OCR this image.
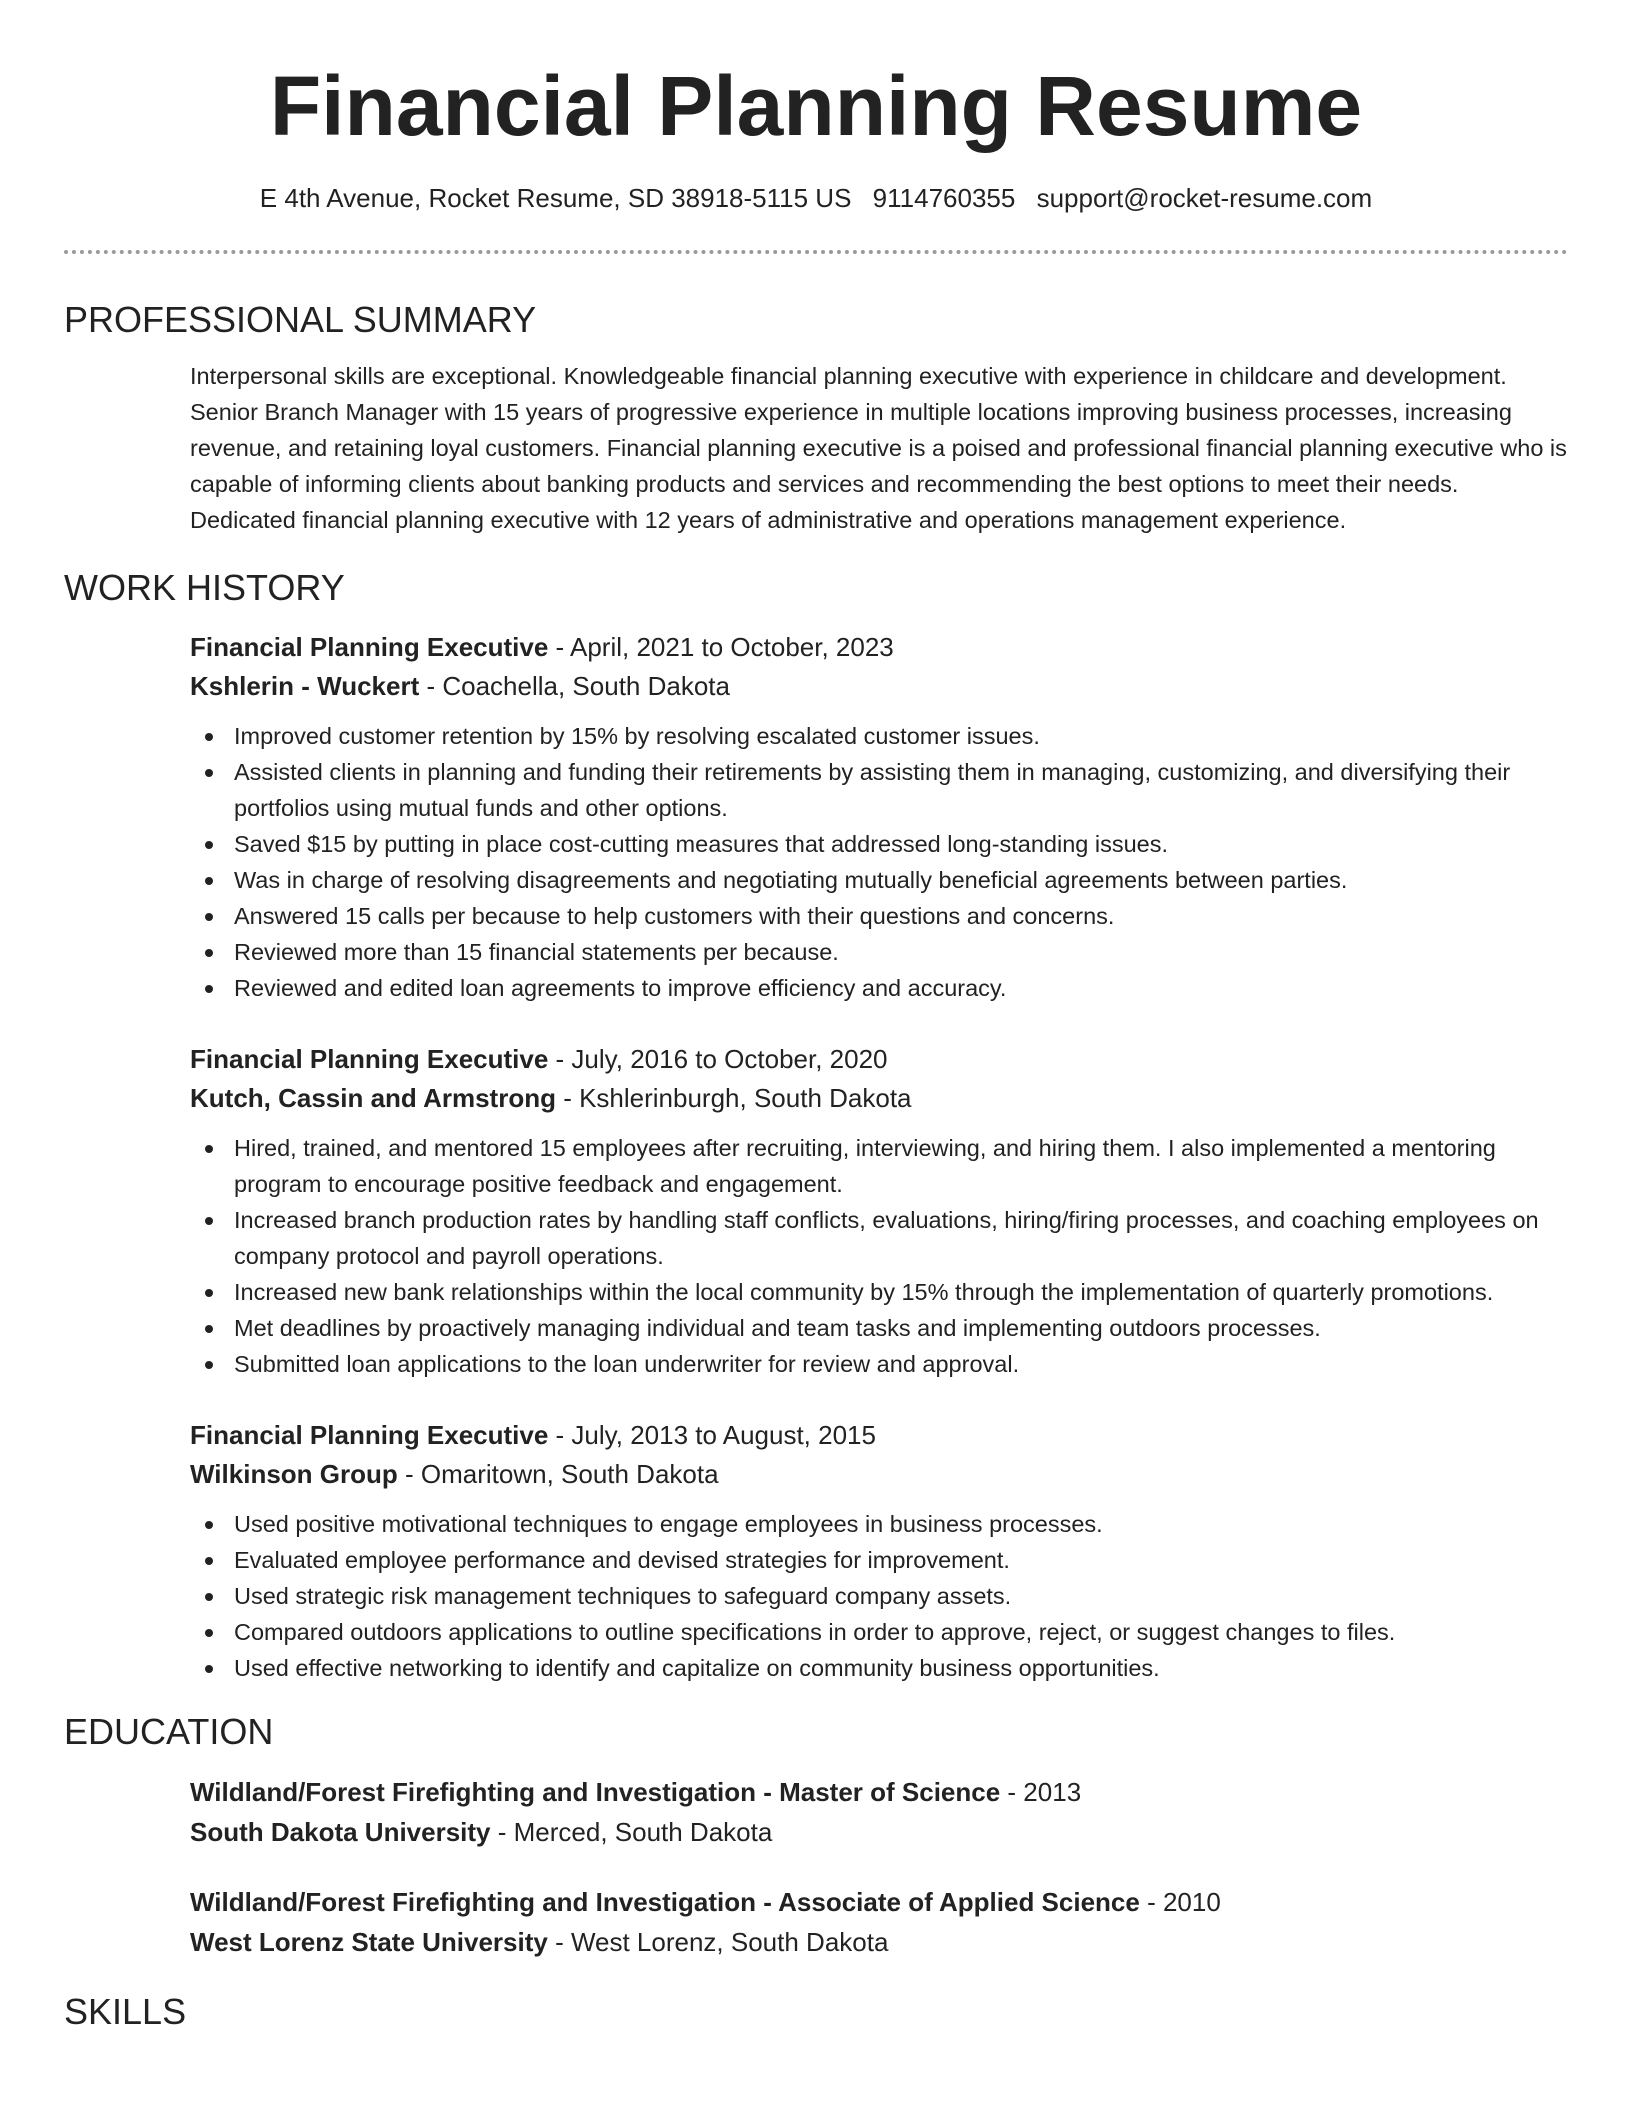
Financial Planning Resume
E 4th Avenue, Rocket Resume, SD 38918-5115 US 9114760355 support@rocket-resume.com
PROFESSIONAL SUMMARY

Interpersonal skills are exceptional. Knowledgeable financial planning executive with experience in childcare and development. Senior Branch Manager with 15 years of progressive experience in multiple locations improving business processes, increasing revenue, and retaining loyal customers. Financial planning executive is a poised and professional financial planning executive who is capable of informing clients about banking products and services and recommending the best options to meet their needs. Dedicated financial planning executive with 12 years of administrative and operations management experience.

WORK HISTORY

Financial Planning Executive - April, 2021 to October, 2023

Kshlerin - Wuckert - Coachella, South Dakota

Improved customer retention by 15% by resolving escalated customer issues.
Assisted clients in planning and funding their retirements by assisting them in managing, customizing, and diversifying their portfolios using mutual funds and other options.
Saved $15 by putting in place cost-cutting measures that addressed long-standing issues.
Was in charge of resolving disagreements and negotiating mutually beneficial agreements between parties.
Answered 15 calls per because to help customers with their questions and concerns.
Reviewed more than 15 financial statements per because.
Reviewed and edited loan agreements to improve efficiency and accuracy.

Financial Planning Executive - July, 2016 to October, 2020

Kutch, Cassin and Armstrong - Kshlerinburgh, South Dakota

Hired, trained, and mentored 15 employees after recruiting, interviewing, and hiring them. I also implemented a mentoring program to encourage positive feedback and engagement.
Increased branch production rates by handling staff conflicts, evaluations, hiring/firing processes, and coaching employees on company protocol and payroll operations.
Increased new bank relationships within the local community by 15% through the implementation of quarterly promotions.
Met deadlines by proactively managing individual and team tasks and implementing outdoors processes.
Submitted loan applications to the loan underwriter for review and approval.

Financial Planning Executive - July, 2013 to August, 2015

Wilkinson Group - Omaritown, South Dakota

Used positive motivational techniques to engage employees in business processes.
Evaluated employee performance and devised strategies for improvement.
Used strategic risk management techniques to safeguard company assets.
Compared outdoors applications to outline specifications in order to approve, reject, or suggest changes to files.
Used effective networking to identify and capitalize on community business opportunities.
EDUCATION

Wildland/Forest Firefighting and Investigation - Master of Science - 2013

South Dakota University - Merced, South Dakota

Wildland/Forest Firefighting and Investigation - Associate of Applied Science - 2010

West Lorenz State University - West Lorenz, South Dakota

SKILLS
